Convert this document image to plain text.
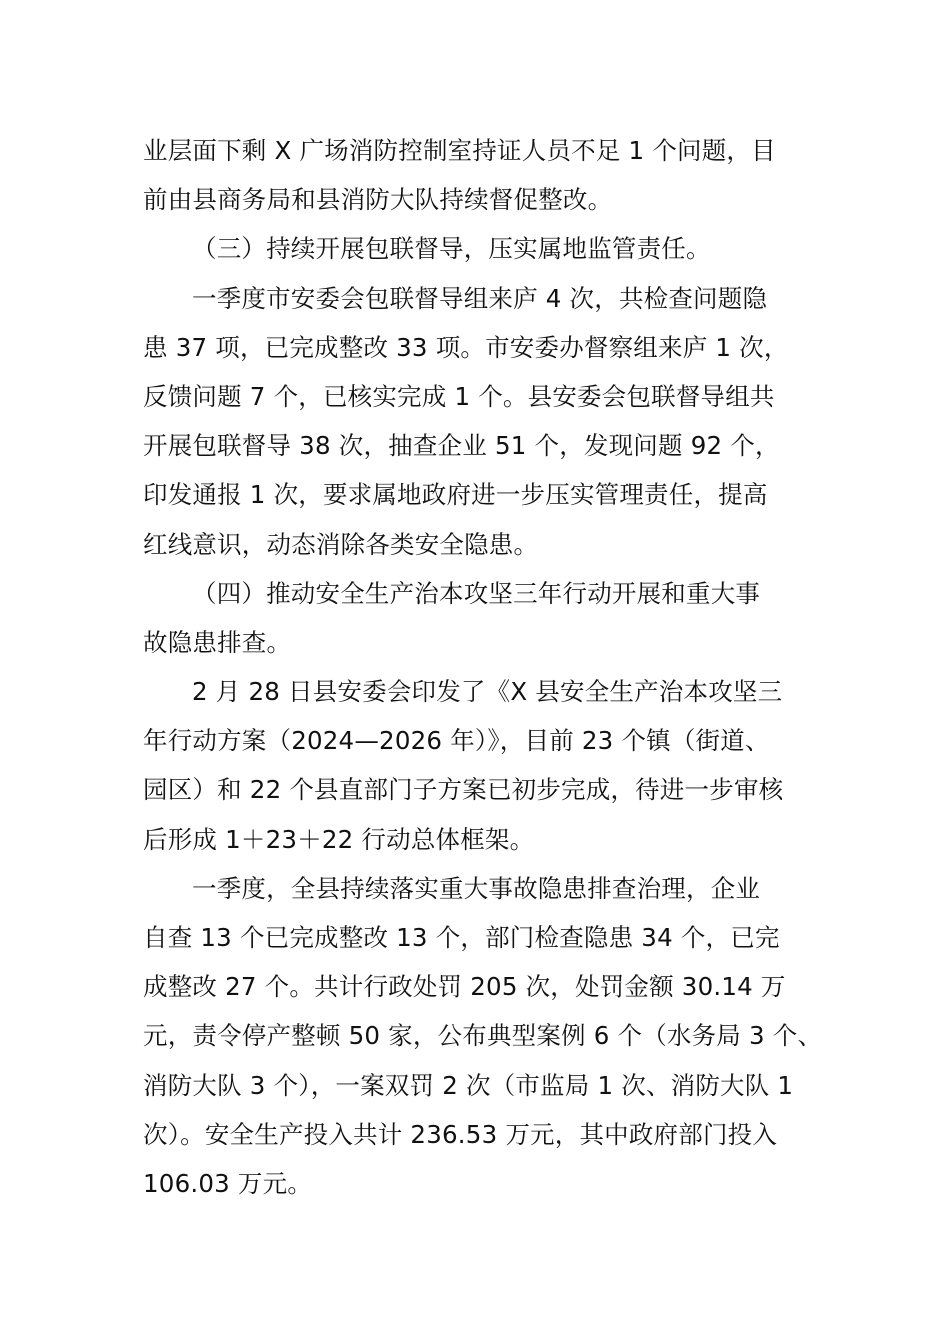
业层面下剩 X 广场消防控制室持证人员不足 1 个问题，目
前由县商务局和县消防大队持续督促整改。
（三）持续开展包联督导，压实属地监管责任。
一季度市安委会包联督导组来庐 4 次，共检查问题隐
患 37 项，已完成整改 33 项。市安委办督察组来庐 1 次，
反馈问题 7 个，已核实完成 1 个。县安委会包联督导组共
开展包联督导 38 次，抽查企业 51 个，发现问题 92 个，
印发通报 1 次，要求属地政府进一步压实管理责任，提高
红线意识，动态消除各类安全隐患。
（四）推动安全生产治本攻坚三年行动开展和重大事
故隐患排查。
2 月 28 日县安委会印发了《X 县安全生产治本攻坚三
年行动方案（2024—2026 年）》，目前 23 个镇（街道、
园区）和 22 个县直部门子方案已初步完成，待进一步审核
后形成 1＋23＋22 行动总体框架。
一季度，全县持续落实重大事故隐患排查治理，企业
自查 13 个已完成整改 13 个，部门检查隐患 34 个，已完
成整改 27 个。共计行政处罚 205 次，处罚金额 30.14 万
元，责令停产整顿 50 家，公布典型案例 6 个（水务局 3 个、
消防大队 3 个），一案双罚 2 次（市监局 1 次、消防大队 1
次）。安全生产投入共计 236.53 万元，其中政府部门投入
106.03 万元。
